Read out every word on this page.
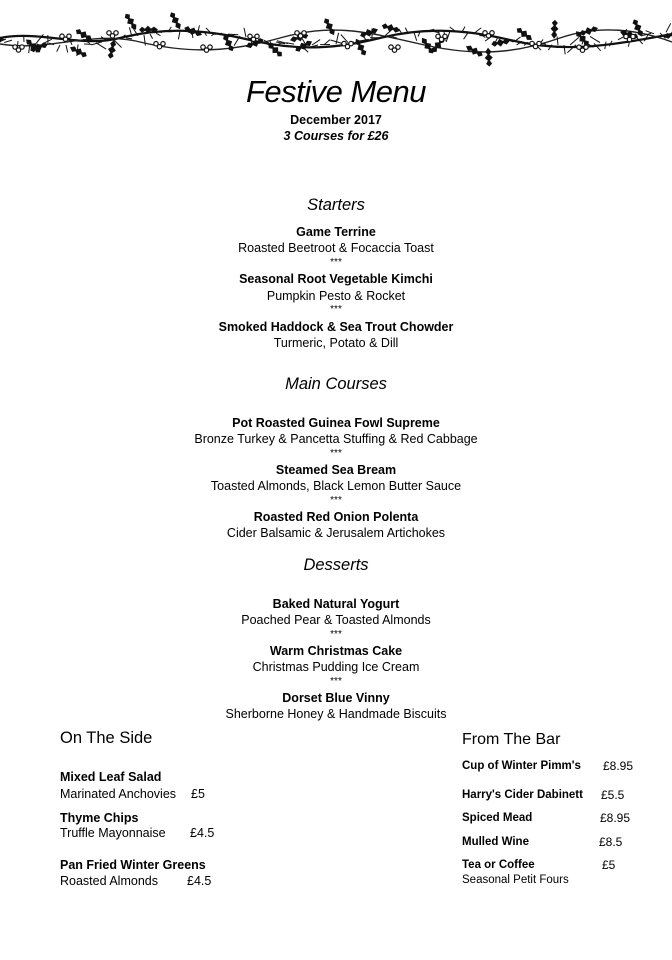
Festive Menu
December 2017
3 Courses for £26
Starters
Game Terrine
Roasted Beetroot & Focaccia Toast
***
Seasonal Root Vegetable Kimchi
Pumpkin Pesto & Rocket
***
Smoked Haddock & Sea Trout Chowder
Turmeric, Potato & Dill
Main Courses
Pot Roasted Guinea Fowl Supreme
Bronze Turkey & Pancetta Stuffing & Red Cabbage
***
Steamed Sea Bream
Toasted Almonds, Black Lemon Butter Sauce
***
Roasted Red Onion Polenta
Cider Balsamic & Jerusalem Artichokes
Desserts
Baked Natural Yogurt
Poached Pear & Toasted Almonds
***
Warm Christmas Cake
Christmas Pudding Ice Cream
***
Dorset Blue Vinny
Sherborne Honey & Handmade Biscuits
On The Side
Mixed Leaf Salad
Marinated Anchovies £5
Thyme Chips
Truffle Mayonnaise £4.5
Pan Fried Winter Greens
Roasted Almonds £4.5
From The Bar
Cup of Winter Pimm's £8.95
Harry's Cider Dabinett £5.5
Spiced Mead	£8.95
Mulled Wine	£8.5
Tea or Coffee	£5
Seasonal Petit Fours
